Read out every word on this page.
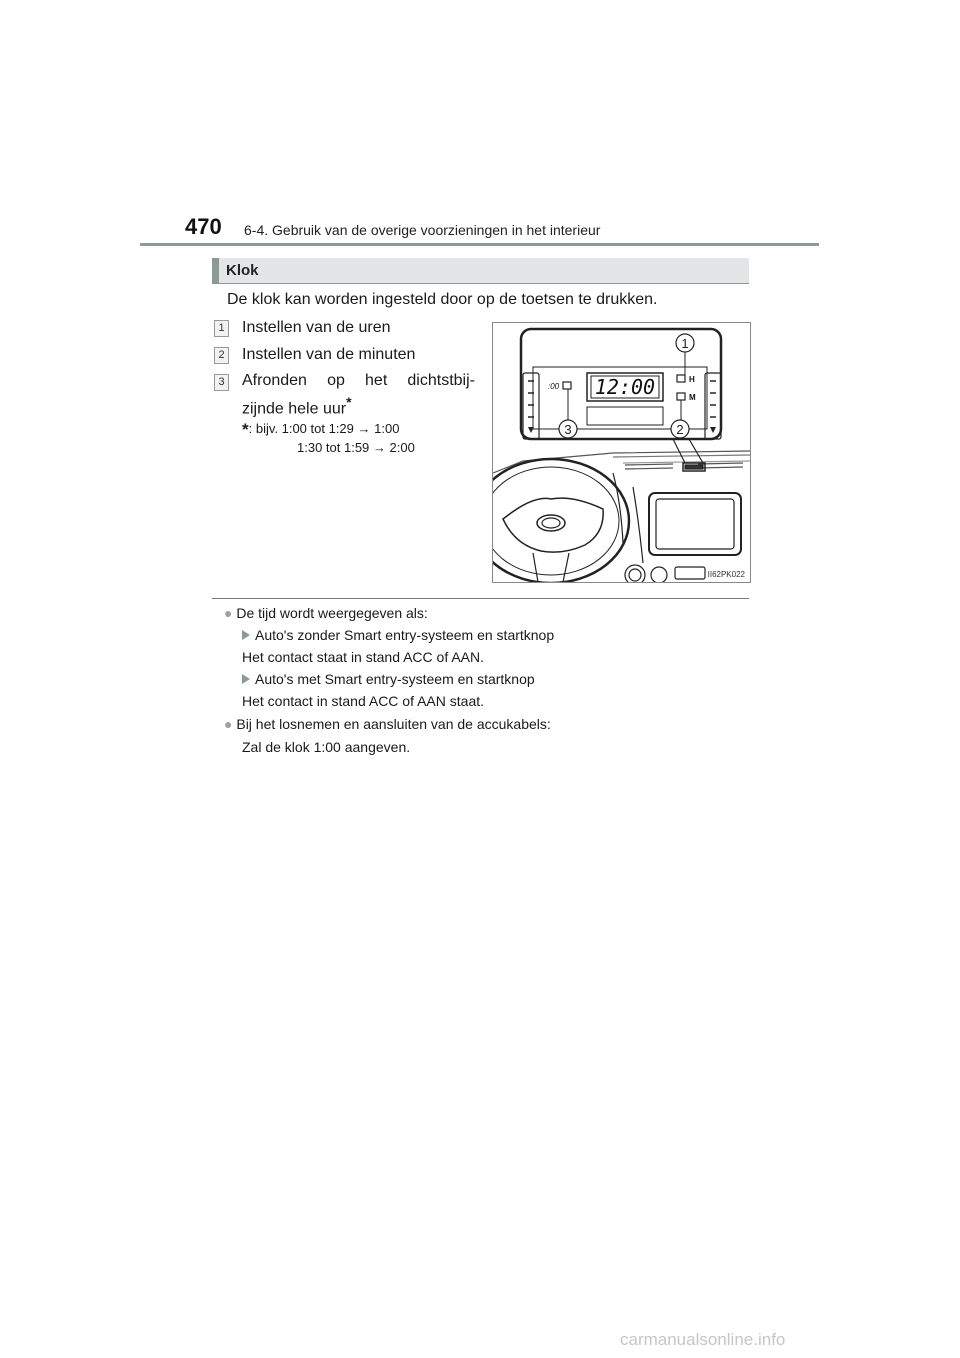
470 6-4. Gebruik van de overige voorzieningen in het interieur
Klok
De klok kan worden ingesteld door op de toetsen te drukken.
1 Instellen van de uren
2 Instellen van de minuten
3 Afronden op het dichtstbij-
zijnde hele uur*
*: bijv. 1:00 tot 1:29 → 1:00
1:30 tot 1:59 → 2:00
1
2
3
12:00	H
M
:00
II62PK022
● De tijd wordt weergegeven als:
Auto's zonder Smart entry-systeem en startknop
Het contact staat in stand ACC of AAN.
Auto's met Smart entry-systeem en startknop
Het contact in stand ACC of AAN staat.
● Bij het losnemen en aansluiten van de accukabels:
Zal de klok 1:00 aangeven.
carmanualsonline.info
